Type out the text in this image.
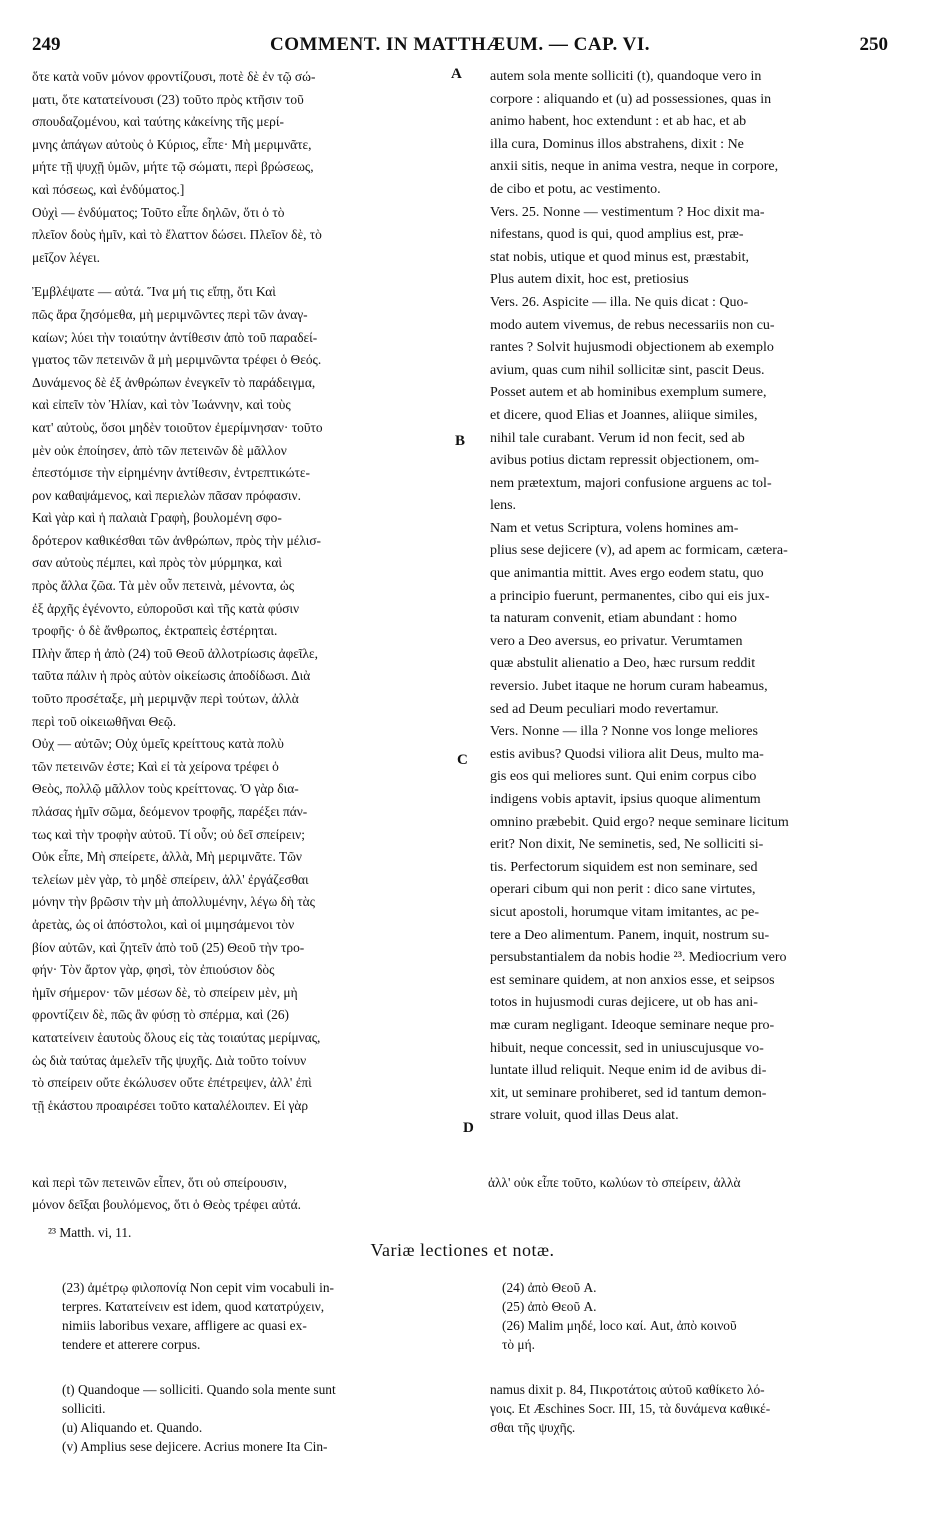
249	COMMENT. IN MATTHÆUM. — CAP. VI.	250

ὅτε κατὰ νοῦν μόνον φροντίζουσι, ποτὲ δὲ ἐν τῷ σώ-

ματι, ὅτε κατατείνουσι (23) τοῦτο πρὸς κτῆσιν τοῦ

σπουδαζομένου, καὶ ταύτης κἀκείνης τῆς μερί-

μνης ἀπάγων αὐτοὺς ὁ Κύριος, εἶπε· Μὴ μεριμνᾶτε,

μήτε τῇ ψυχῇ ὑμῶν, μήτε τῷ σώματι, περὶ βρώσεως,

καὶ πόσεως, καὶ ἐνδύματος.]

Οὐχὶ — ἐνδύματος; Τοῦτο εἶπε δηλῶν, ὅτι ὁ τὸ

πλεῖον δοὺς ἡμῖν, καὶ τὸ ἔλαττον δώσει. Πλεῖον δὲ, τὸ

μεῖζον λέγει.

Ἐμβλέψατε — αὐτά. Ἵνα μή τις εἴπῃ, ὅτι Καὶ

πῶς ἄρα ζησόμεθα, μὴ μεριμνῶντες περὶ τῶν ἀναγ-

καίων; λύει τὴν τοιαύτην ἀντίθεσιν ἀπὸ τοῦ παραδεί-

γματος τῶν πετεινῶν ἃ μὴ μεριμνῶντα τρέφει ὁ Θεός.

Δυνάμενος δὲ ἐξ ἀνθρώπων ἐνεγκεῖν τὸ παράδειγμα,

καὶ εἰπεῖν τὸν Ἠλίαν, καὶ τὸν Ἰωάννην, καὶ τοὺς

κατ' αὐτοὺς, ὅσοι μηδὲν τοιοῦτον ἐμερίμνησαν· τοῦτο

μὲν οὐκ ἐποίησεν, ἀπὸ τῶν πετεινῶν δὲ μᾶλλον

ἐπεστόμισε τὴν εἰρημένην ἀντίθεσιν, ἐντρεπτικώτε-

ρον καθαψάμενος, καὶ περιελὼν πᾶσαν πρόφασιν.

Καὶ γὰρ καὶ ἡ παλαιὰ Γραφὴ, βουλομένη σφο-

δρότερον καθικέσθαι τῶν ἀνθρώπων, πρὸς τὴν μέλισ-

σαν αὐτοὺς πέμπει, καὶ πρὸς τὸν μύρμηκα, καὶ

πρὸς ἄλλα ζῶα. Τὰ μὲν οὖν πετεινὰ, μένοντα, ὡς

ἐξ ἀρχῆς ἐγένοντο, εὐποροῦσι καὶ τῆς κατὰ φύσιν

τροφῆς· ὁ δὲ ἄνθρωπος, ἐκτραπεὶς ἐστέρηται.

Πλὴν ἅπερ ἡ ἀπὸ (24) τοῦ Θεοῦ ἀλλοτρίωσις ἀφεῖλε,

ταῦτα πάλιν ἡ πρὸς αὐτὸν οἰκείωσις ἀποδίδωσι. Διὰ

τοῦτο προσέταξε, μὴ μεριμνᾷν περὶ τούτων, ἀλλὰ

περὶ τοῦ οἰκειωθῆναι Θεῷ.

Οὐχ — αὐτῶν; Οὐχ ὑμεῖς κρείττους κατὰ πολὺ

τῶν πετεινῶν ἐστε; Καὶ εἰ τὰ χείρονα τρέφει ὁ

Θεὸς, πολλῷ μᾶλλον τοὺς κρείττονας. Ὁ γὰρ δια-

πλάσας ἡμῖν σῶμα, δεόμενον τροφῆς, παρέξει πάν-

τως καὶ τὴν τροφὴν αὐτοῦ. Τί οὖν; οὐ δεῖ σπείρειν;

Οὐκ εἶπε, Μὴ σπείρετε, ἀλλὰ, Μὴ μεριμνᾶτε. Τῶν

τελείων μὲν γὰρ, τὸ μηδὲ σπείρειν, ἀλλ' ἐργάζεσθαι

μόνην τὴν βρῶσιν τὴν μὴ ἀπολλυμένην, λέγω δὴ τὰς

ἀρετὰς, ὡς οἱ ἀπόστολοι, καὶ οἱ μιμησάμενοι τὸν

βίον αὐτῶν, καὶ ζητεῖν ἀπὸ τοῦ (25) Θεοῦ τὴν τρο-

φήν· Τὸν ἄρτον γὰρ, φησὶ, τὸν ἐπιούσιον δὸς

ἡμῖν σήμερον· τῶν μέσων δὲ, τὸ σπείρειν μὲν, μὴ

φροντίζειν δὲ, πῶς ἂν φύσῃ τὸ σπέρμα, καὶ (26)

κατατείνειν ἑαυτοὺς ὅλους εἰς τὰς τοιαύτας μερίμνας,

ὡς διὰ ταύτας ἀμελεῖν τῆς ψυχῆς. Διὰ τοῦτο τοίνυν

τὸ σπείρειν οὔτε ἐκώλυσεν οὔτε ἐπέτρεψεν, ἀλλ' ἐπὶ

τῇ ἑκάστου προαιρέσει τοῦτο καταλέλοιπεν. Εἰ γὰρ

autem sola mente solliciti (t), quandoque vero in

corpore : aliquando et (u) ad possessiones, quas in

animo habent, hoc extendunt : et ab hac, et ab

illa cura, Dominus illos abstrahens, dixit : Ne

anxii sitis, neque in anima vestra, neque in corpore,

de cibo et potu, ac vestimento.

Vers. 25. Nonne — vestimentum ? Hoc dixit ma-

nifestans, quod is qui, quod amplius est, præ-

stat nobis, utique et quod minus est, præstabit,

Plus autem dixit, hoc est, pretiosius

Vers. 26. Aspicite — illa. Ne quis dicat : Quo-

modo autem vivemus, de rebus necessariis non cu-

rantes ? Solvit hujusmodi objectionem ab exemplo

avium, quas cum nihil sollicitæ sint, pascit Deus.

Posset autem et ab hominibus exemplum sumere,

et dicere, quod Elias et Joannes, aliique similes,

nihil tale curabant. Verum id non fecit, sed ab

avibus potius dictam repressit objectionem, om-

nem prætextum, majori confusione arguens ac tol-

lens.

Nam et vetus Scriptura, volens homines am-

plius sese dejicere (v), ad apem ac formicam, cætera-

que animantia mittit. Aves ergo eodem statu, quo

a principio fuerunt, permanentes, cibo qui eis jux-

ta naturam convenit, etiam abundant : homo

vero a Deo aversus, eo privatur. Verumtamen

quæ abstulit alienatio a Deo, hæc rursum reddit

reversio. Jubet itaque ne horum curam habeamus,

sed ad Deum peculiari modo revertamur.

Vers. Nonne — illa ? Nonne vos longe meliores

estis avibus? Quodsi viliora alit Deus, multo ma-

gis eos qui meliores sunt. Qui enim corpus cibo

indigens vobis aptavit, ipsius quoque alimentum

omnino præbebit. Quid ergo? neque seminare licitum

erit? Non dixit, Ne seminetis, sed, Ne solliciti si-

tis. Perfectorum siquidem est non seminare, sed

operari cibum qui non perit : dico sane virtutes,

sicut apostoli, horumque vitam imitantes, ac pe-

tere a Deo alimentum. Panem, inquit, nostrum su-

persubstantialem da nobis hodie ²³. Mediocrium vero

est seminare quidem, at non anxios esse, et seipsos

totos in hujusmodi curas dejicere, ut ob has ani-

mæ curam negligant. Ideoque seminare neque pro-

hibuit, neque concessit, sed in uniuscujusque vo-

luntate illud reliquit. Neque enim id de avibus di-

xit, ut seminare prohiberet, sed id tantum demon-

strare voluit, quod illas Deus alat.

A
B
C
D
καὶ περὶ τῶν πετεινῶν εἶπεν, ὅτι οὐ σπείρουσιν,	ἀλλ' οὐκ εἶπε τοῦτο, κωλύων τὸ σπείρειν, ἀλλὰ
μόνον δεῖξαι βουλόμενος, ὅτι ὁ Θεὸς τρέφει αὐτά.
²³ Matth. vi, 11.
Variæ lectiones et notæ.

(23) ἀμέτρῳ φιλοπονίᾳ Non cepit vim vocabuli in-

terpres. Κατατείνειν est idem, quod κατατρύχειν,

nimiis laboribus vexare, affligere ac quasi ex-

tendere et atterere corpus.

(24) ἀπὸ Θεοῦ A.

(25) ἀπὸ Θεοῦ A.

(26) Malim μηδέ, loco καί. Aut, ἀπὸ κοινοῦ

τὸ μή.

(t) Quandoque — solliciti. Quando sola mente sunt

solliciti.

(u) Aliquando et. Quando.

(v) Amplius sese dejicere. Acrius monere Ita Cin-

namus dixit p. 84, Πικροτάτοις αὐτοῦ καθίκετο λό-

γοις. Et Æschines Socr. III, 15, τὰ δυνάμενα καθικέ-

σθαι τῆς ψυχῆς.
